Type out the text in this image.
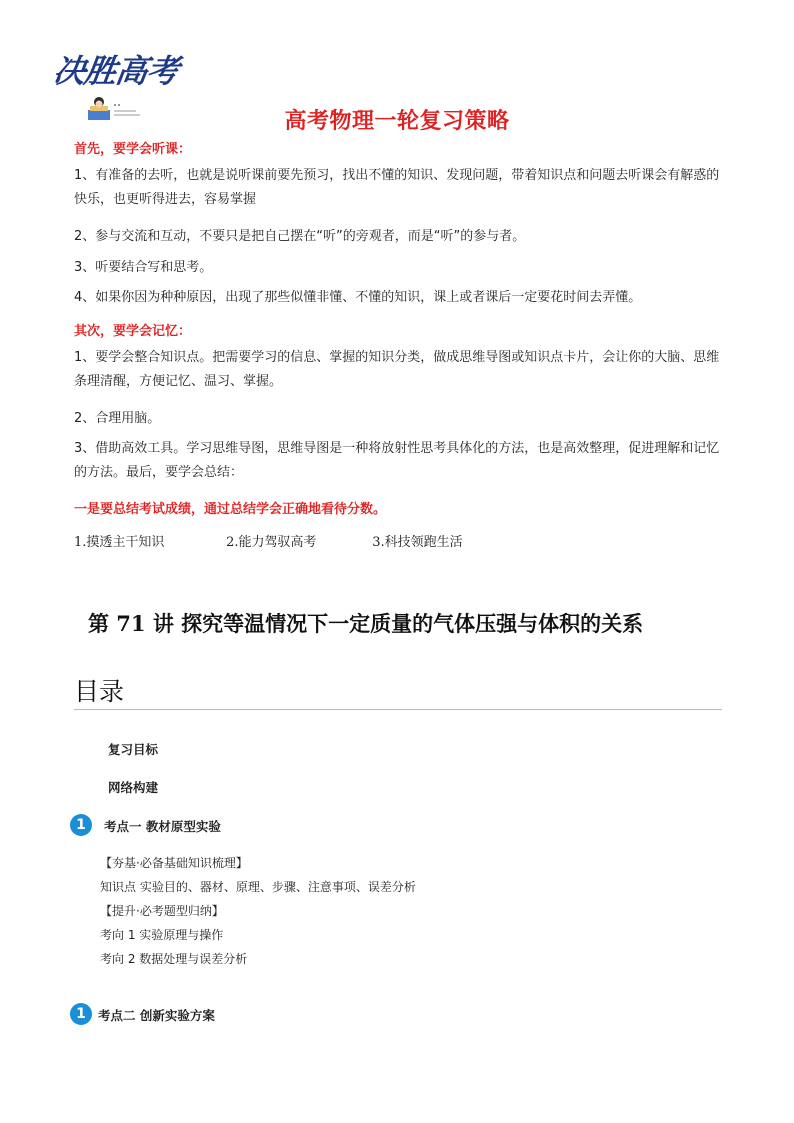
决胜高考
高考物理一轮复习策略
首先，要学会听课：
1、有准备的去听，也就是说听课前要先预习，找出不懂的知识、发现问题，带着知识点和问题去听课会有解惑的快乐，也更听得进去，容易掌握
2、参与交流和互动，不要只是把自己摆在“听”的旁观者，而是“听”的参与者。
3、听要结合写和思考。
4、如果你因为种种原因，出现了那些似懂非懂、不懂的知识，课上或者课后一定要花时间去弄懂。
其次，要学会记忆：
1、要学会整合知识点。把需要学习的信息、掌握的知识分类，做成思维导图或知识点卡片，会让你的大脑、思维条理清醒，方便记忆、温习、掌握。
2、合理用脑。
3、借助高效工具。学习思维导图，思维导图是一种将放射性思考具体化的方法，也是高效整理，促进理解和记忆的方法。最后，要学会总结：
一是要总结考试成绩，通过总结学会正确地看待分数。
1.摸透主干知识	2.能力驾驭高考	3.科技领跑生活
第 71 讲 探究等温情况下一定质量的气体压强与体积的关系
目录
复习目标
网络构建
1	考点一 教材原型实验
【夯基·必备基础知识梳理】
知识点 实验目的、器材、原理、步骤、注意事项、误差分析
【提升·必考题型归纳】
考向 1 实验原理与操作
考向 2 数据处理与误差分析
1 考点二 创新实验方案
